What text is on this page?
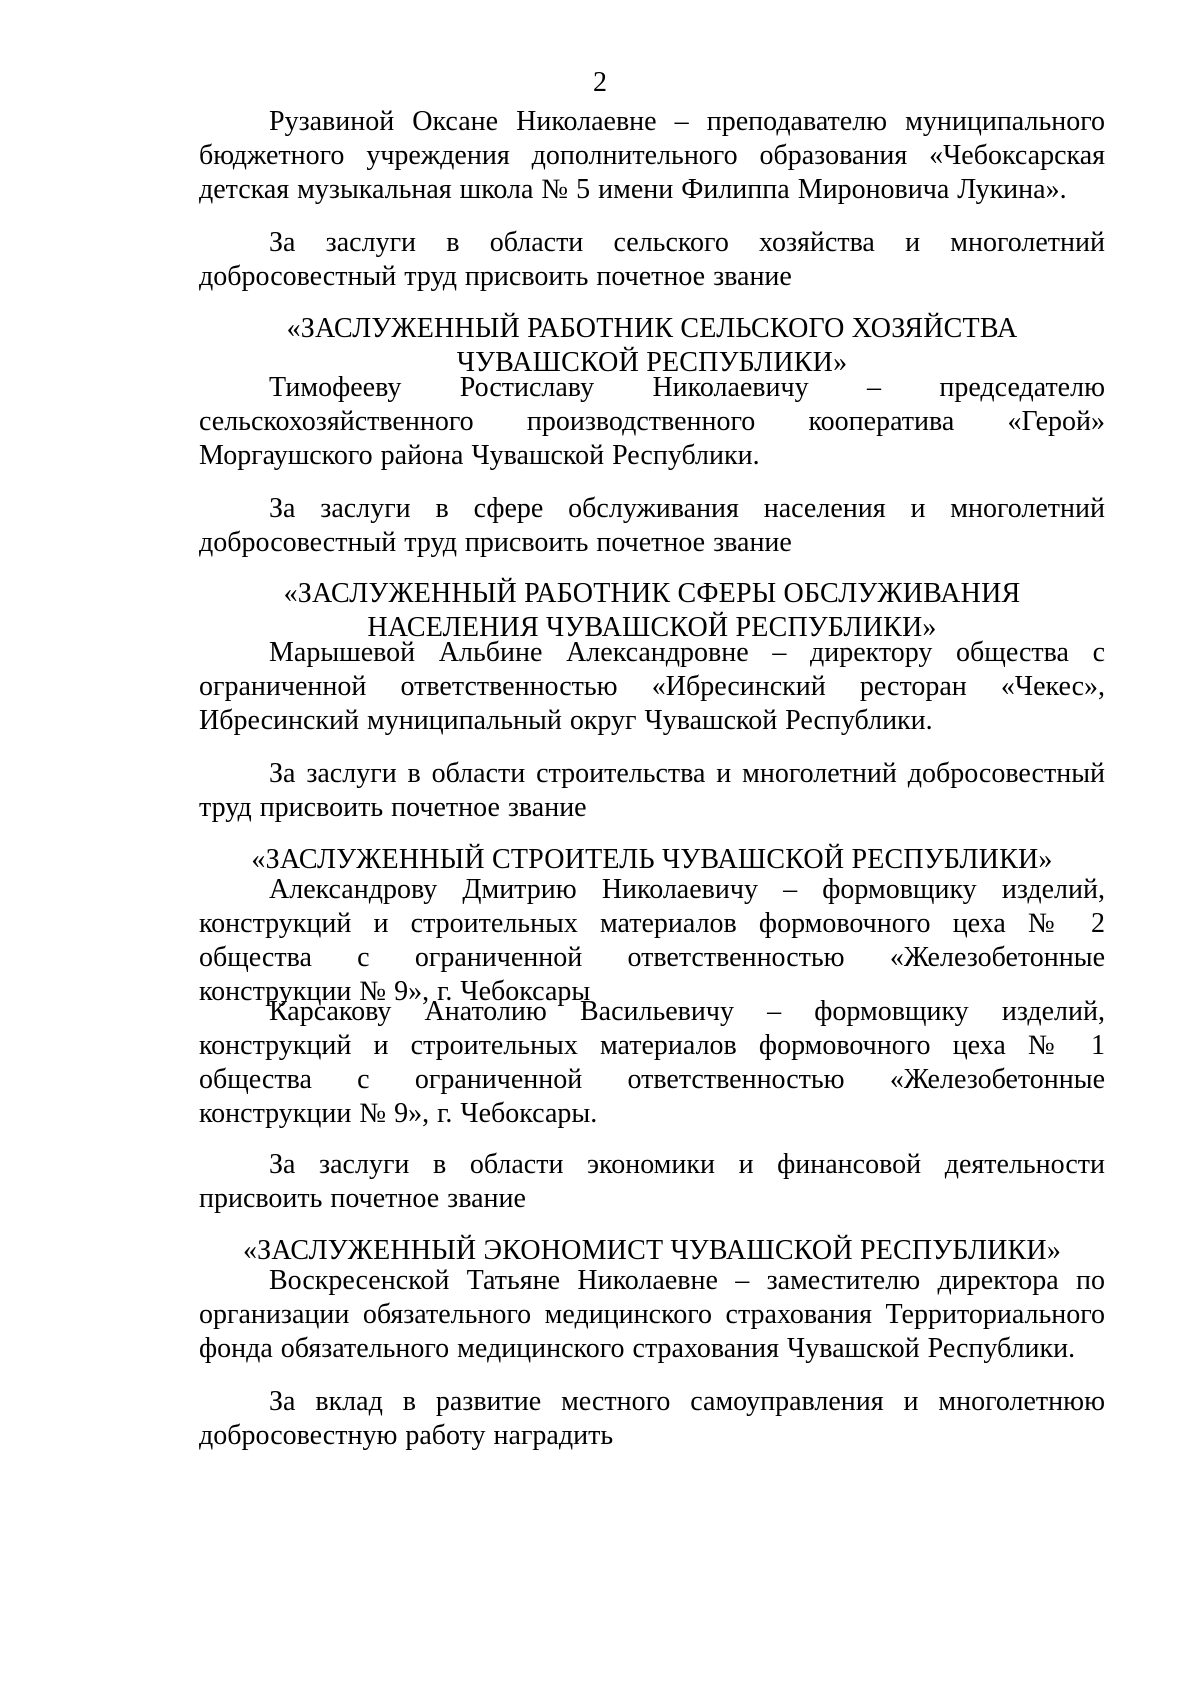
2

Рузавиной Оксане Николаевне – преподавателю муниципального бюджетного учреждения дополнительного образования «Чебоксарская детская музыкальная школа № 5 имени Филиппа Мироновича Лукина».

За заслуги в области сельского хозяйства и многолетний добросовестный труд присвоить почетное звание

«ЗАСЛУЖЕННЫЙ РАБОТНИК СЕЛЬСКОГО ХОЗЯЙСТВА
ЧУВАШСКОЙ РЕСПУБЛИКИ»

Тимофееву Ростиславу Николаевичу – председателю сельскохозяйственного производственного кооператива «Герой» Моргаушского района Чувашской Республики.

За заслуги в сфере обслуживания населения и многолетний добросовестный труд присвоить почетное звание

«ЗАСЛУЖЕННЫЙ РАБОТНИК СФЕРЫ ОБСЛУЖИВАНИЯ
НАСЕЛЕНИЯ ЧУВАШСКОЙ РЕСПУБЛИКИ»

Марышевой Альбине Александровне – директору общества с ограниченной ответственностью «Ибресинский ресторан «Чекес», Ибресинский муниципальный округ Чувашской Республики.

За заслуги в области строительства и многолетний добросовестный труд присвоить почетное звание

«ЗАСЛУЖЕННЫЙ СТРОИТЕЛЬ ЧУВАШСКОЙ РЕСПУБЛИКИ»

Александрову Дмитрию Николаевичу – формовщику изделий, конструкций и строительных материалов формовочного цеха № 2 общества с ограниченной ответственностью «Железобетонные конструкции № 9», г. Чебоксары

Карсакову Анатолию Васильевичу – формовщику изделий, конструкций и строительных материалов формовочного цеха № 1 общества с ограниченной ответственностью «Железобетонные конструкции № 9», г. Чебоксары.

За заслуги в области экономики и финансовой деятельности присвоить почетное звание

«ЗАСЛУЖЕННЫЙ ЭКОНОМИСТ ЧУВАШСКОЙ РЕСПУБЛИКИ»

Воскресенской Татьяне Николаевне – заместителю директора по организации обязательного медицинского страхования Территориального фонда обязательного медицинского страхования Чувашской Республики.

За вклад в развитие местного самоуправления и многолетнюю добросовестную работу наградить
